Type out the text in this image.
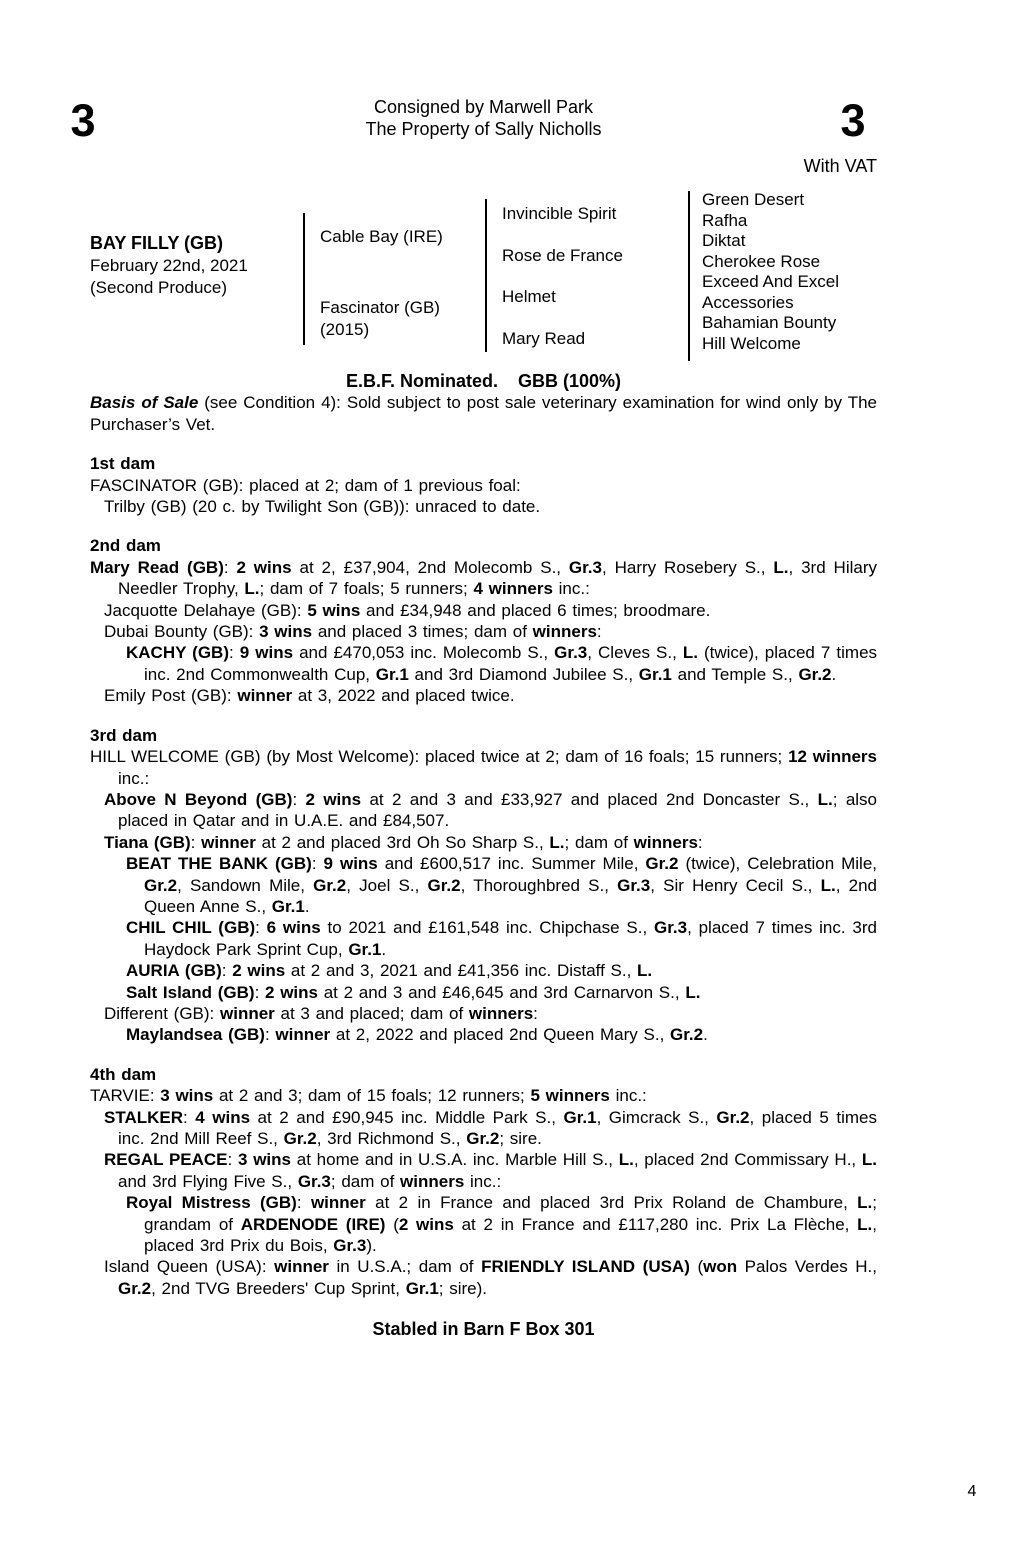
3	Consigned by Marwell Park
The Property of Sally Nicholls	3
With VAT
BAY FILLY (GB)
February 22nd, 2021
(Second Produce)
Cable Bay (IRE)
Fascinator (GB)
(2015)
Invincible Spirit
Rose de France
Helmet
Mary Read
Green Desert
Rafha
Diktat
Cherokee Rose
Exceed And Excel
Accessories
Bahamian Bounty
Hill Welcome
E.B.F. Nominated. GBB (100%)
Basis of Sale (see Condition 4): Sold subject to post sale veterinary examination for wind only by The Purchaser’s Vet.
1st dam

FASCINATOR (GB): placed at 2; dam of 1 previous foal:

Trilby (GB) (20 c. by Twilight Son (GB)): unraced to date.

2nd dam

Mary Read (GB): 2 wins at 2, £37,904, 2nd Molecomb S., Gr.3, Harry Rosebery S., L., 3rd Hilary Needler Trophy, L.; dam of 7 foals; 5 runners; 4 winners inc.:

Jacquotte Delahaye (GB): 5 wins and £34,948 and placed 6 times; broodmare.

Dubai Bounty (GB): 3 wins and placed 3 times; dam of winners:

KACHY (GB): 9 wins and £470,053 inc. Molecomb S., Gr.3, Cleves S., L. (twice), placed 7 times inc. 2nd Commonwealth Cup, Gr.1 and 3rd Diamond Jubilee S., Gr.1 and Temple S., Gr.2.

Emily Post (GB): winner at 3, 2022 and placed twice.

3rd dam

HILL WELCOME (GB) (by Most Welcome): placed twice at 2; dam of 16 foals; 15 runners; 12 winners inc.:

Above N Beyond (GB): 2 wins at 2 and 3 and £33,927 and placed 2nd Doncaster S., L.; also placed in Qatar and in U.A.E. and £84,507.

Tiana (GB): winner at 2 and placed 3rd Oh So Sharp S., L.; dam of winners:

BEAT THE BANK (GB): 9 wins and £600,517 inc. Summer Mile, Gr.2 (twice), Celebration Mile, Gr.2, Sandown Mile, Gr.2, Joel S., Gr.2, Thoroughbred S., Gr.3, Sir Henry Cecil S., L., 2nd Queen Anne S., Gr.1.

CHIL CHIL (GB): 6 wins to 2021 and £161,548 inc. Chipchase S., Gr.3, placed 7 times inc. 3rd Haydock Park Sprint Cup, Gr.1.

AURIA (GB): 2 wins at 2 and 3, 2021 and £41,356 inc. Distaff S., L.

Salt Island (GB): 2 wins at 2 and 3 and £46,645 and 3rd Carnarvon S., L.

Different (GB): winner at 3 and placed; dam of winners:

Maylandsea (GB): winner at 2, 2022 and placed 2nd Queen Mary S., Gr.2.

4th dam

TARVIE: 3 wins at 2 and 3; dam of 15 foals; 12 runners; 5 winners inc.:

STALKER: 4 wins at 2 and £90,945 inc. Middle Park S., Gr.1, Gimcrack S., Gr.2, placed 5 times inc. 2nd Mill Reef S., Gr.2, 3rd Richmond S., Gr.2; sire.

REGAL PEACE: 3 wins at home and in U.S.A. inc. Marble Hill S., L., placed 2nd Commissary H., L. and 3rd Flying Five S., Gr.3; dam of winners inc.:

Royal Mistress (GB): winner at 2 in France and placed 3rd Prix Roland de Chambure, L.; grandam of ARDENODE (IRE) (2 wins at 2 in France and £117,280 inc. Prix La Flèche, L., placed 3rd Prix du Bois, Gr.3).

Island Queen (USA): winner in U.S.A.; dam of FRIENDLY ISLAND (USA) (won Palos Verdes H., Gr.2, 2nd TVG Breeders' Cup Sprint, Gr.1; sire).

Stabled in Barn F Box 301
4
